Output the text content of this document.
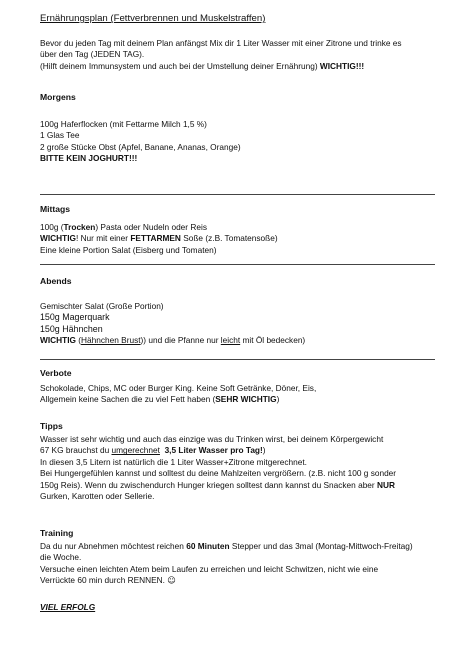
Ernährungsplan (Fettverbrennen und Muskelstraffen)

Bevor du jeden Tag mit deinem Plan anfängst Mix dir 1 Liter Wasser mit einer Zitrone und trinke es

über den Tag (JEDEN TAG).

(Hilft deinem Immunsystem und auch bei der Umstellung deiner Ernährung) WICHTIG!!!

Morgens

100g Haferflocken (mit Fettarme Milch 1,5 %)

1 Glas Tee

2 große Stücke Obst (Apfel, Banane, Ananas, Orange)

BITTE KEIN JOGHURT!!!

Mittags

100g (Trocken) Pasta oder Nudeln oder Reis

WICHTIG! Nur mit einer FETTARMEN Soße (z.B. Tomatensoße)

Eine kleine Portion Salat (Eisberg und Tomaten)

Abends

Gemischter Salat (Große Portion)

150g Magerquark

150g Hähnchen

WICHTIG (Hähnchen Brust)) und die Pfanne nur leicht mit Öl bedecken)

Verbote

Schokolade, Chips, MC oder Burger King. Keine Soft Getränke, Döner, Eis,

Allgemein keine Sachen die zu viel Fett haben (SEHR WICHTIG)

Tipps

Wasser ist sehr wichtig und auch das einzige was du Trinken wirst, bei deinem Körpergewicht

67 KG brauchst du umgerechnet 3,5 Liter Wasser pro Tag!)

In diesen 3,5 Litern ist natürlich die 1 Liter Wasser+Zitrone mitgerechnet.

Bei Hungergefühlen kannst und solltest du deine Mahlzeiten vergrößern. (z.B. nicht 100 g sonder

150g Reis). Wenn du zwischendurch Hunger kriegen solltest dann kannst du Snacken aber NUR

Gurken, Karotten oder Sellerie.

Training

Da du nur Abnehmen möchtest reichen 60 Minuten Stepper und das 3mal (Montag-Mittwoch-Freitag)

die Woche.

Versuche einen leichten Atem beim Laufen zu erreichen und leicht Schwitzen, nicht wie eine

Verrückte 60 min durch RENNEN. ☺

VIEL ERFOLG
